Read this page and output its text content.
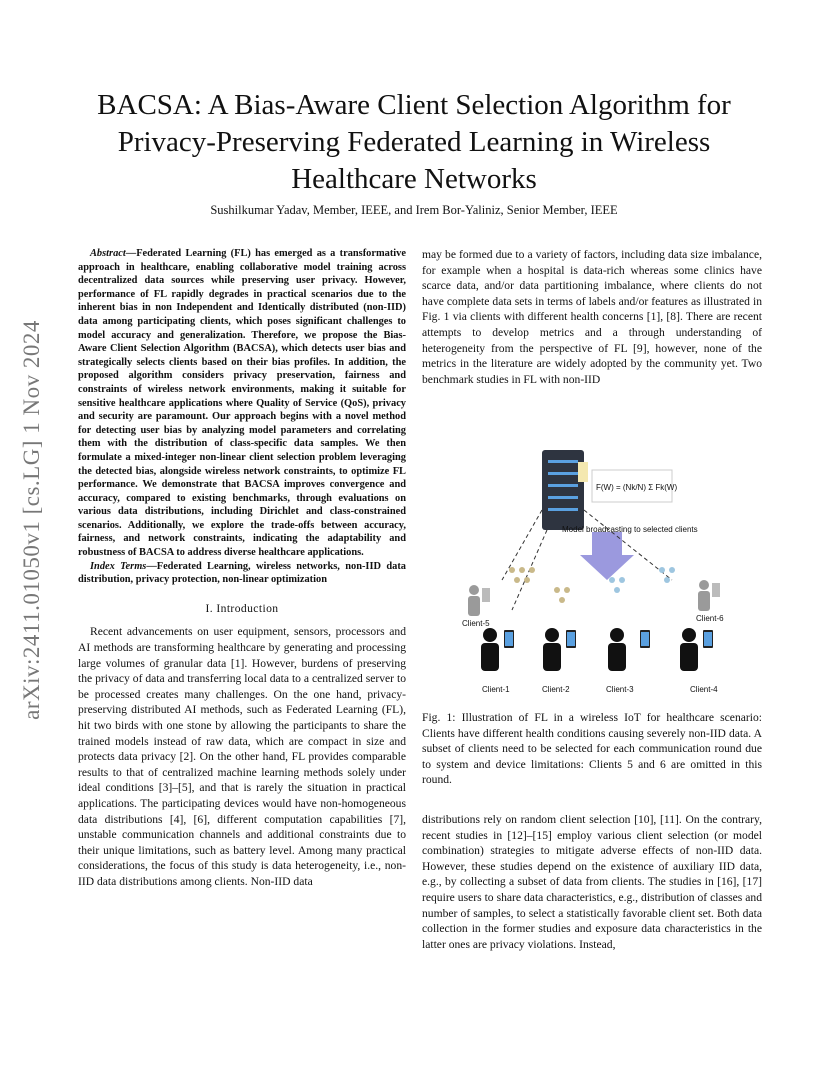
arXiv:2411.01050v1 [cs.LG] 1 Nov 2024
BACSA: A Bias-Aware Client Selection Algorithm for Privacy-Preserving Federated Learning in Wireless Healthcare Networks
Sushilkumar Yadav, Member, IEEE, and Irem Bor-Yaliniz, Senior Member, IEEE

Abstract—Federated Learning (FL) has emerged as a transformative approach in healthcare, enabling collaborative model training across decentralized data sources while preserving user privacy. However, performance of FL rapidly degrades in practical scenarios due to the inherent bias in non Independent and Identically distributed (non-IID) data among participating clients, which poses significant challenges to model accuracy and generalization. Therefore, we propose the Bias-Aware Client Selection Algorithm (BACSA), which detects user bias and strategically selects clients based on their bias profiles. In addition, the proposed algorithm considers privacy preservation, fairness and constraints of wireless network environments, making it suitable for sensitive healthcare applications where Quality of Service (QoS), privacy and security are paramount. Our approach begins with a novel method for detecting user bias by analyzing model parameters and correlating them with the distribution of class-specific data samples. We then formulate a mixed-integer non-linear client selection problem leveraging the detected bias, alongside wireless network constraints, to optimize FL performance. We demonstrate that BACSA improves convergence and accuracy, compared to existing benchmarks, through evaluations on various data distributions, including Dirichlet and class-constrained scenarios. Additionally, we explore the trade-offs between accuracy, fairness, and network constraints, indicating the adaptability and robustness of BACSA to address diverse healthcare applications.

Index Terms—Federated Learning, wireless networks, non-IID data distribution, privacy protection, non-linear optimization

I. Introduction

Recent advancements on user equipment, sensors, processors and AI methods are transforming healthcare by generating and processing large volumes of granular data [1]. However, burdens of preserving the privacy of data and transferring local data to a centralized server to be processed creates many challenges. On the one hand, privacy-preserving distributed AI methods, such as Federated Learning (FL), hit two birds with one stone by allowing the participants to share the trained models instead of raw data, which are compact in size and protects data privacy [2]. On the other hand, FL provides comparable results to that of centralized machine learning methods solely under ideal conditions [3]–[5], and that is rarely the situation in practical applications. The participating devices would have non-homogeneous data distributions [4], [6], different computation capabilities [7], unstable communication channels and additional constraints due to their unique limitations, such as battery level. Among many practical considerations, the focus of this study is data heterogeneity, i.e., non-IID data distributions among clients. Non-IID data

may be formed due to a variety of factors, including data size imbalance, for example when a hospital is data-rich whereas some clinics have scarce data, and/or data partitioning imbalance, where clients do not have complete data sets in terms of labels and/or features as illustrated in Fig. 1 via clients with different health concerns [1], [8]. There are recent attempts to develop metrics and a through understanding of heterogeneity from the perspective of FL [9], however, none of the metrics in the literature are widely adopted by the community yet. Two benchmark studies in FL with non-IID

F(W) = (Nk/N) Σ Fk(W)
Model broadcasting to selected clients
Client-5
Client-6
Client-1	Client-2	Client-3	Client-4
Fig. 1: Illustration of FL in a wireless IoT for healthcare scenario: Clients have different health conditions causing severely non-IID data. A subset of clients need to be selected for each communication round due to system and device limitations: Clients 5 and 6 are omitted in this round.

distributions rely on random client selection [10], [11]. On the contrary, recent studies in [12]–[15] employ various client selection (or model combination) strategies to mitigate adverse effects of non-IID data. However, these studies depend on the existence of auxiliary IID data, e.g., by collecting a subset of data from clients. The studies in [16], [17] require users to share data characteristics, e.g., distribution of classes and number of samples, to select a statistically favorable client set. Both data collection in the former studies and exposure data characteristics in the latter ones are privacy violations. Instead,
